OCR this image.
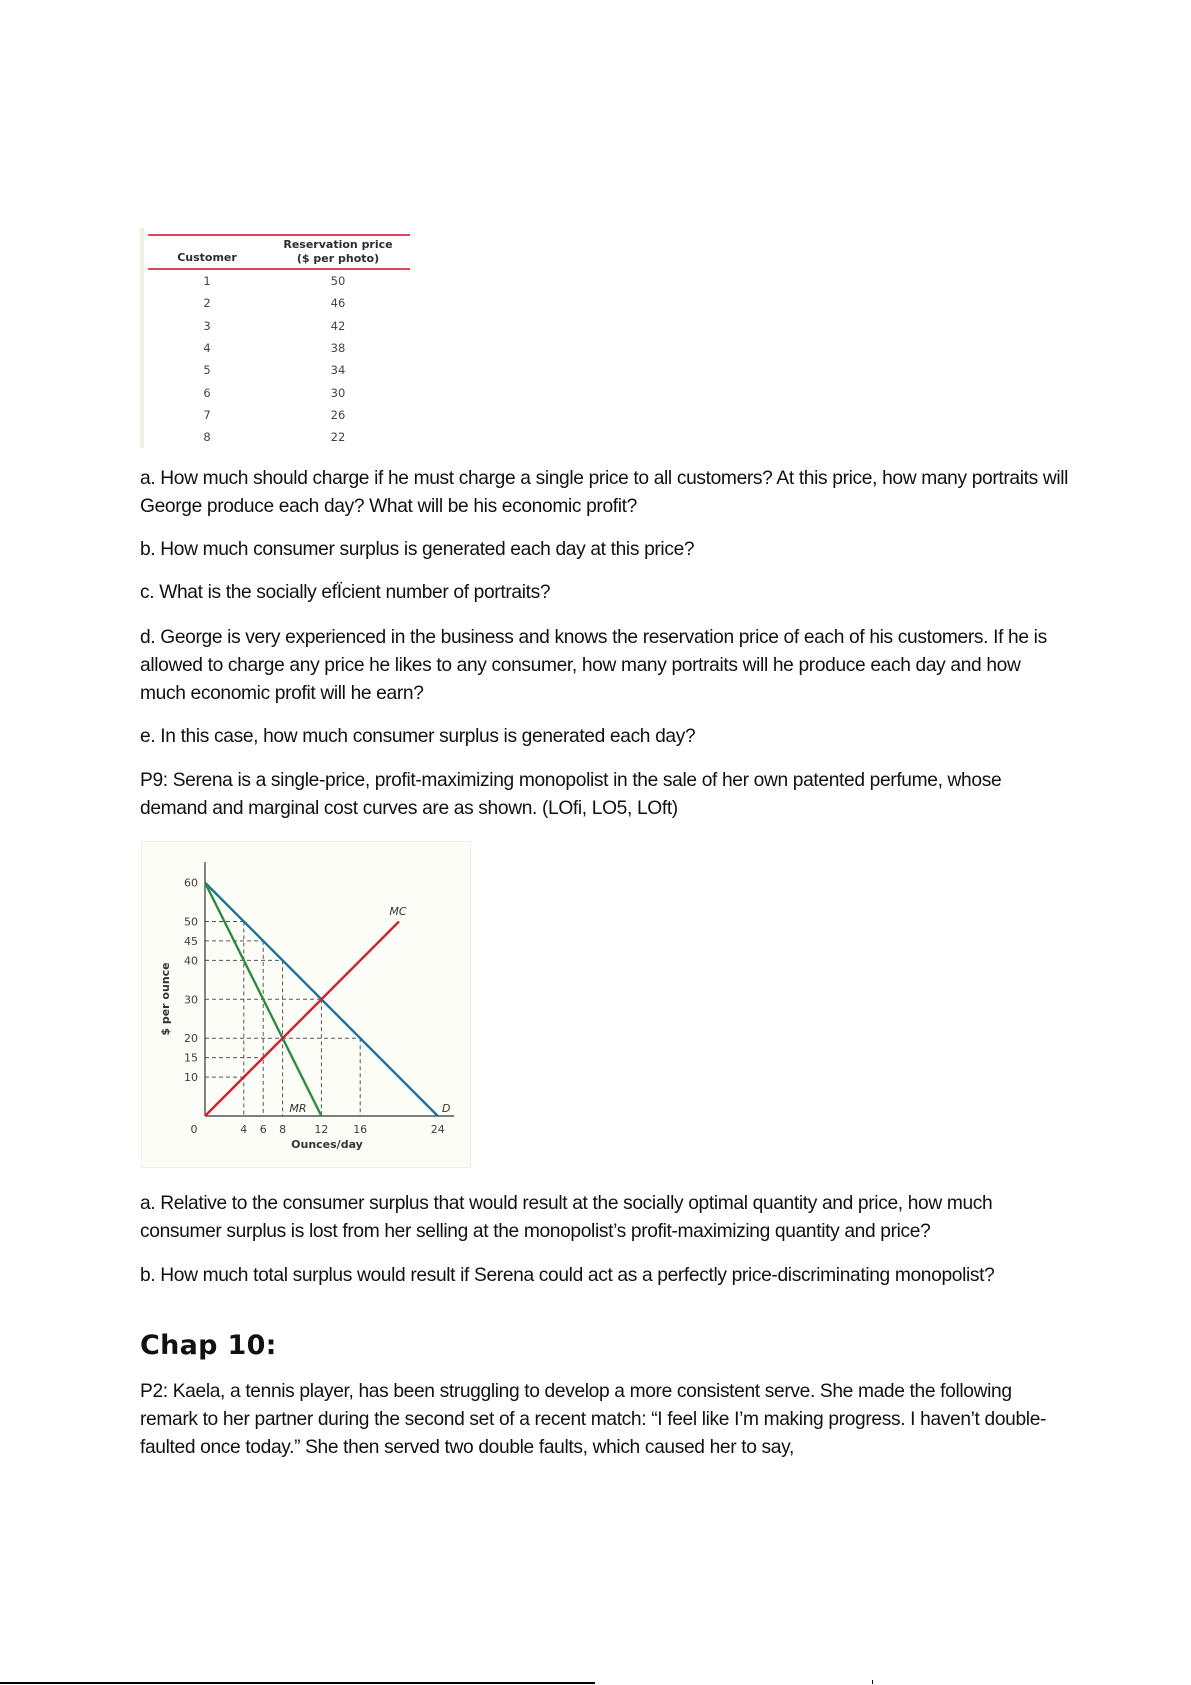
Customer	Reservation price
($ per photo)

1	50
2	46
3	42
4	38
5	34
6	30
7	26
8	22
a. How much should charge if he must charge a single price to all customers? At this price, how many portraits will George produce each day? What will be his economic profit?
b. How much consumer surplus is generated each day at this price?
c. What is the socially efÏcient number of portraits?
d. George is very experienced in the business and knows the reservation price of each of his customers. If he is allowed to charge any price he likes to any consumer, how many portraits will he produce each day and how much economic profit will he earn?
e. In this case, how much consumer surplus is generated each day?
P9: Serena is a single-price, profit-maximizing monopolist in the sale of her own patented perfume, whose demand and marginal cost curves are as shown. (LOfi, LO5, LOft)
60
50
45
40
30
20
15
10
0	4 6 8	12 16	24
Ounces/day
$ per ounce
MC
MR	D
a. Relative to the consumer surplus that would result at the socially optimal quantity and price, how much consumer surplus is lost from her selling at the monopolist’s profit-maximizing quantity and price?
b. How much total surplus would result if Serena could act as a perfectly price-discriminating monopolist?
Chap 10:
P2: Kaela, a tennis player, has been struggling to develop a more consistent serve. She made the following remark to her partner during the second set of a recent match: “I feel like I’m making progress. I haven’t double-faulted once today.” She then served two double faults, which caused her to say,
